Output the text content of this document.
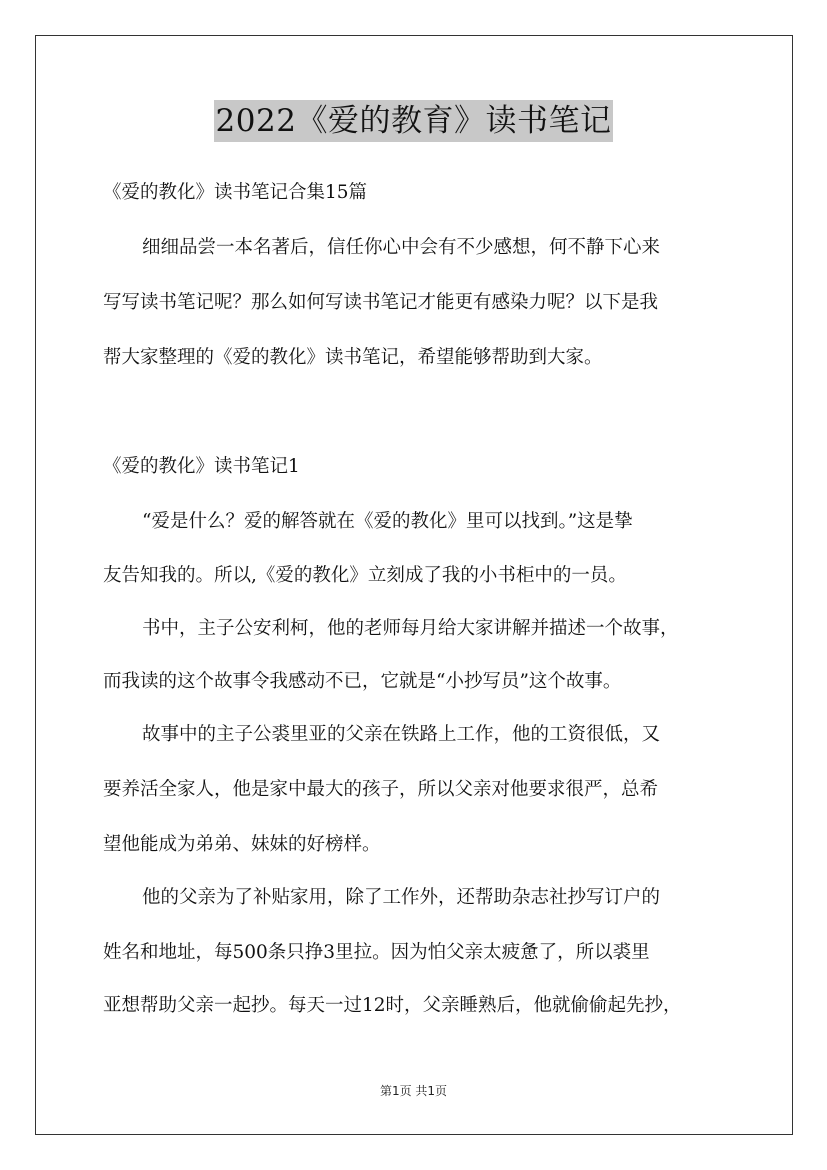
2022《爱的教育》读书笔记
《爱的教化》读书笔记合集15篇
细细品尝一本名著后，信任你心中会有不少感想，何不静下心来
写写读书笔记呢？那么如何写读书笔记才能更有感染力呢？以下是我
帮大家整理的《爱的教化》读书笔记，希望能够帮助到大家。
《爱的教化》读书笔记1
“爱是什么？爱的解答就在《爱的教化》里可以找到。”这是挚
友告知我的。所以,《爱的教化》立刻成了我的小书柜中的一员。
书中，主子公安利柯，他的老师每月给大家讲解并描述一个故事，
而我读的这个故事令我感动不已，它就是“小抄写员”这个故事。
故事中的主子公裘里亚的父亲在铁路上工作，他的工资很低，又
要养活全家人，他是家中最大的孩子，所以父亲对他要求很严，总希
望他能成为弟弟、妹妹的好榜样。
他的父亲为了补贴家用，除了工作外，还帮助杂志社抄写订户的
姓名和地址，每500条只挣3里拉。因为怕父亲太疲惫了，所以裘里
亚想帮助父亲一起抄。每天一过12时，父亲睡熟后，他就偷偷起先抄，
第1页 共1页
